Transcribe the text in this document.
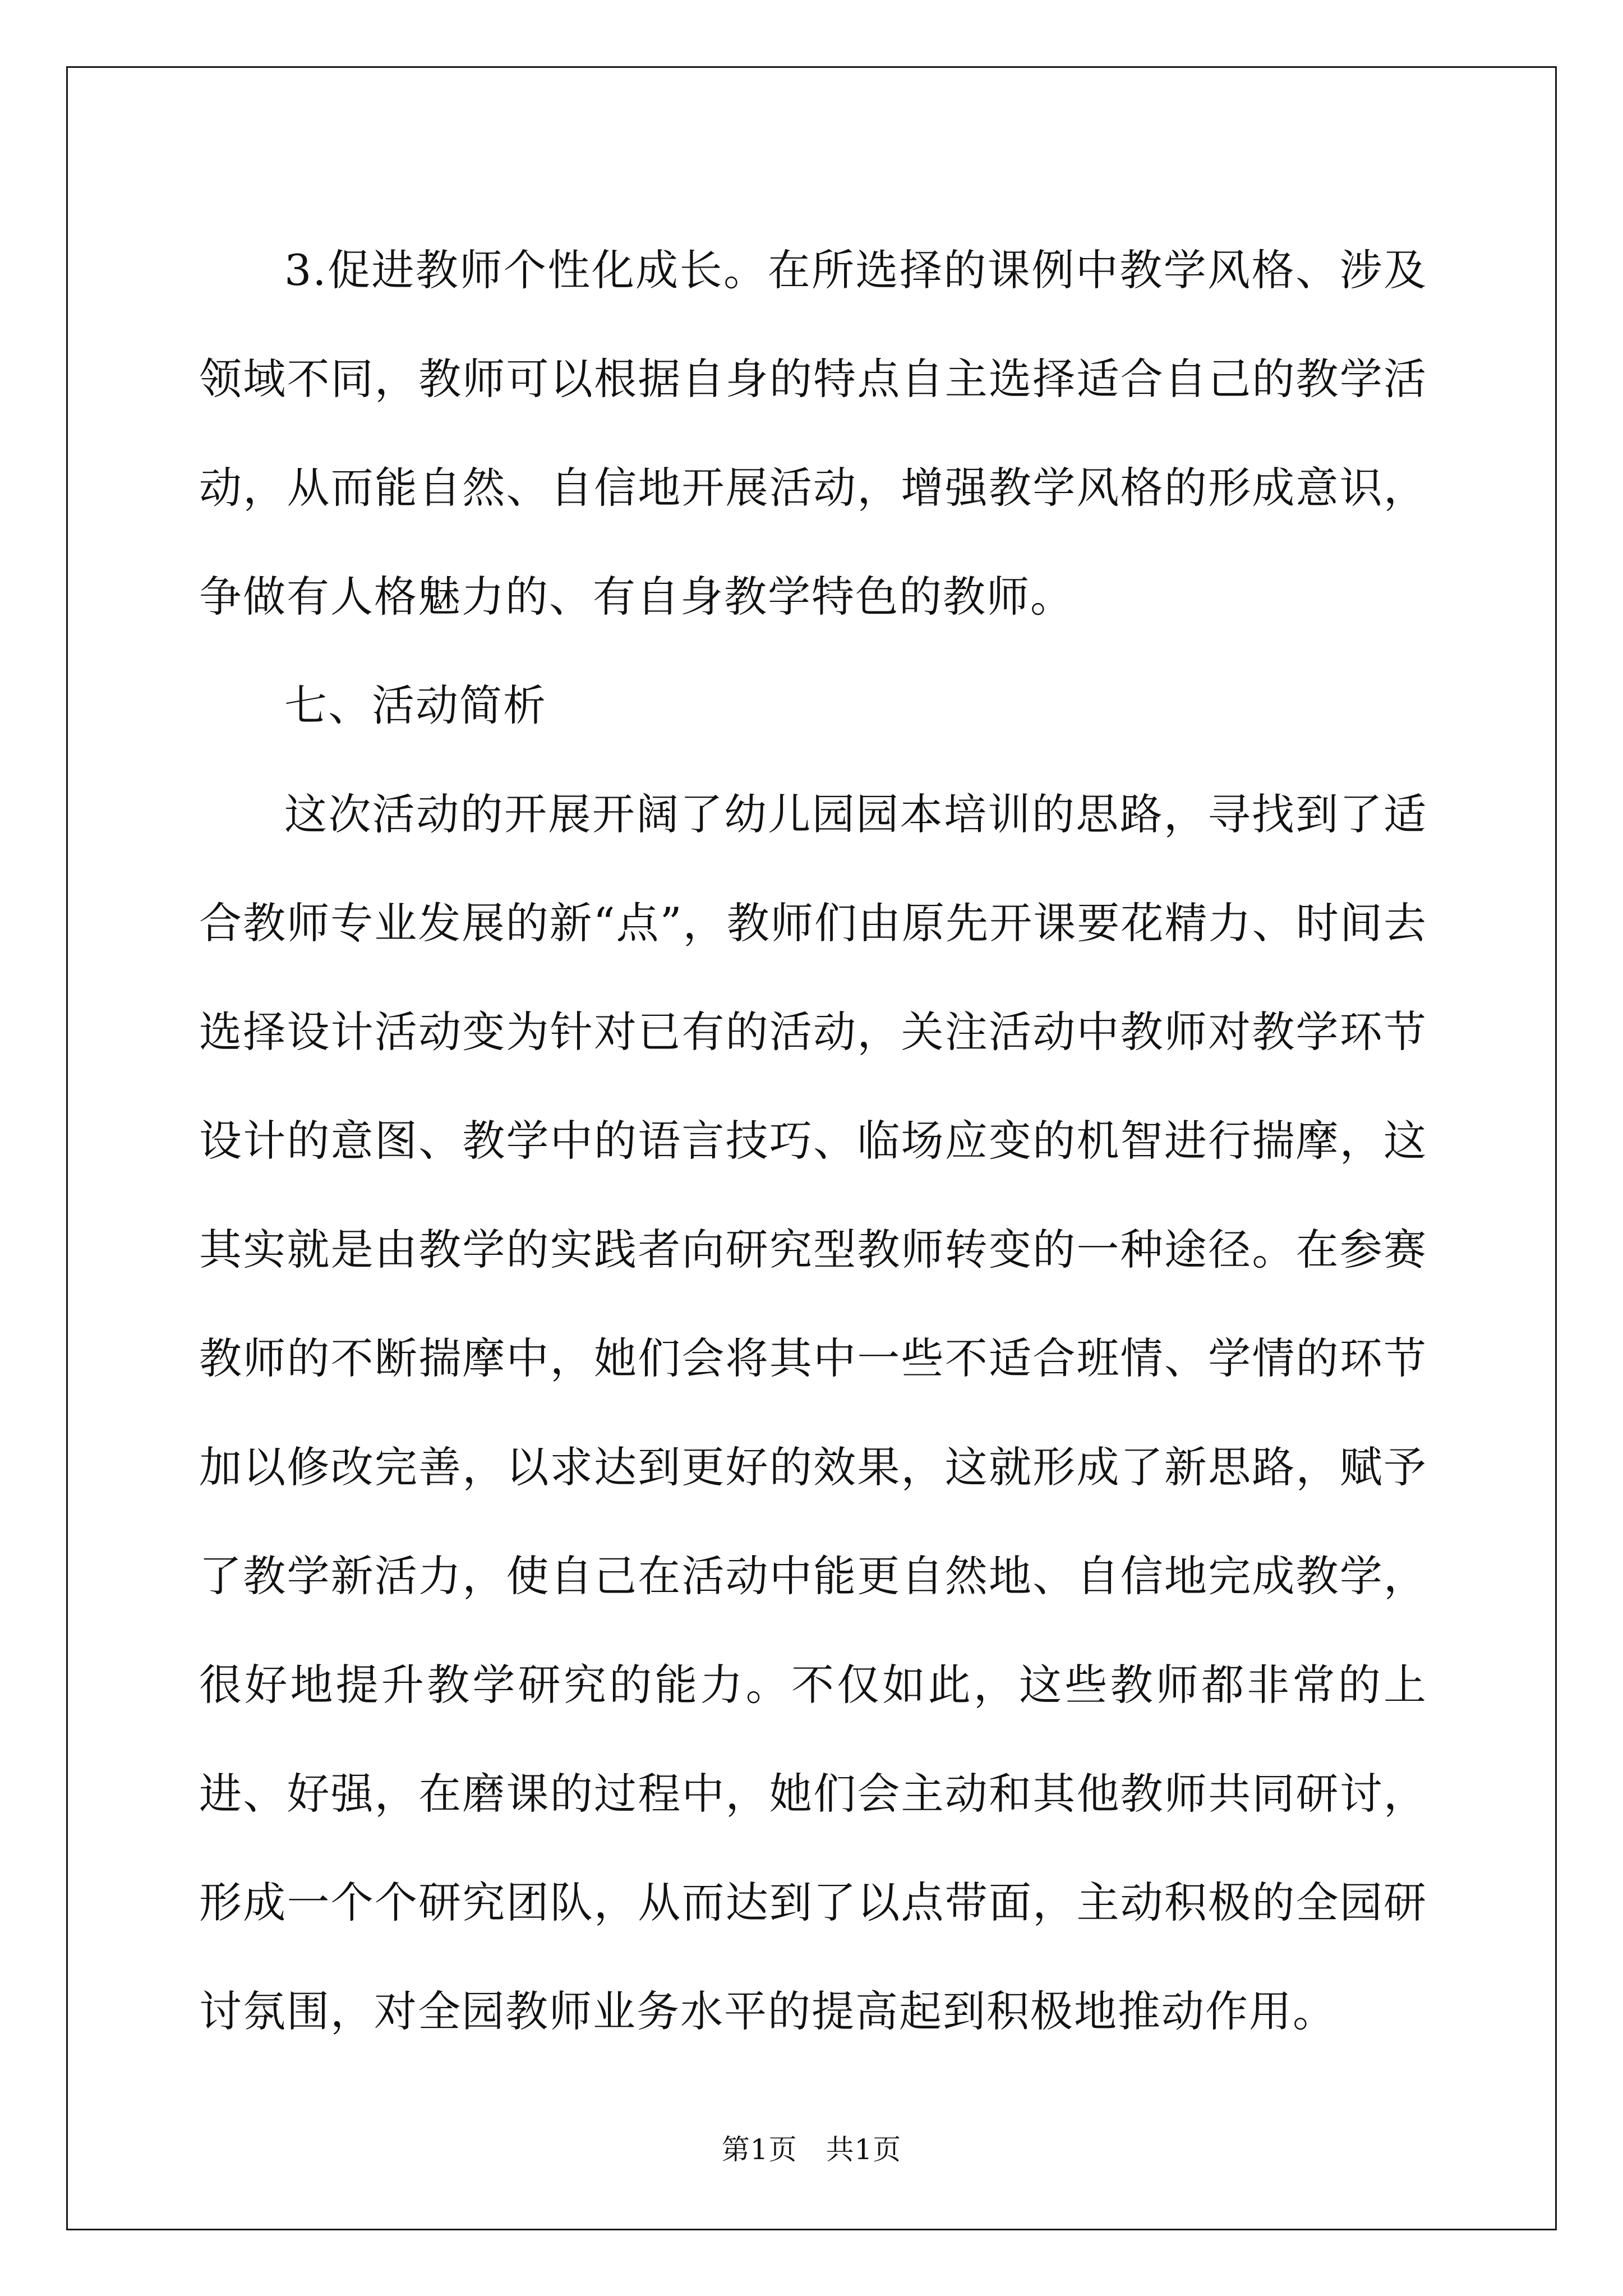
3.促进教师个性化成长。在所选择的课例中教学风格、涉及领域不同，教师可以根据自身的特点自主选择适合自己的教学活动，从而能自然、自信地开展活动，增强教学风格的形成意识，争做有人格魅力的、有自身教学特色的教师。

七、活动简析

这次活动的开展开阔了幼儿园园本培训的思路，寻找到了适合教师专业发展的新“点”，教师们由原先开课要花精力、时间去选择设计活动变为针对已有的活动，关注活动中教师对教学环节设计的意图、教学中的语言技巧、临场应变的机智进行揣摩，这其实就是由教学的实践者向研究型教师转变的一种途径。在参赛教师的不断揣摩中，她们会将其中一些不适合班情、学情的环节加以修改完善，以求达到更好的效果，这就形成了新思路，赋予了教学新活力，使自己在活动中能更自然地、自信地完成教学，很好地提升教学研究的能力。不仅如此，这些教师都非常的上进、好强，在磨课的过程中，她们会主动和其他教师共同研讨，形成一个个研究团队，从而达到了以点带面，主动积极的全园研讨氛围，对全园教师业务水平的提高起到积极地推动作用。

第1页　共1页
